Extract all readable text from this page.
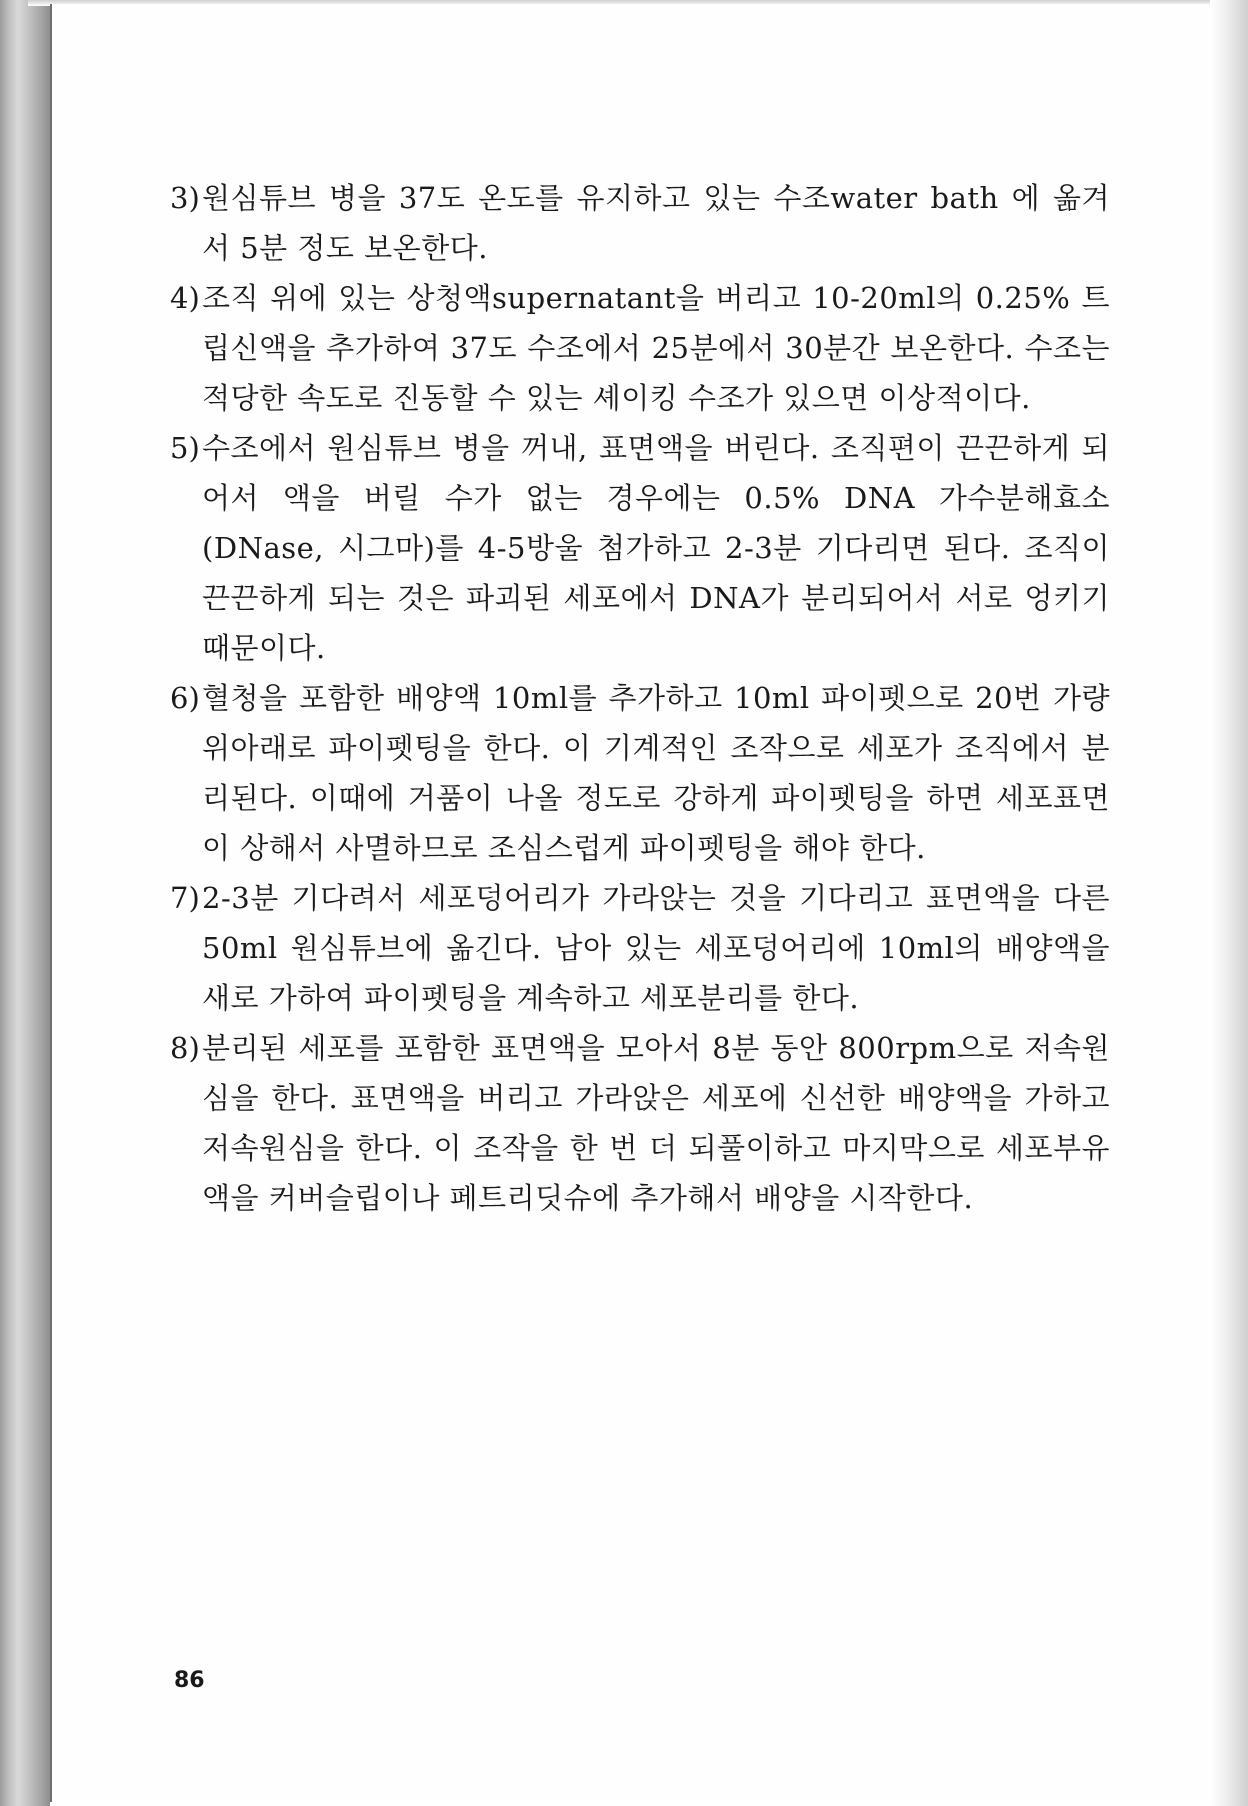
3) 원심튜브 병을 37도 온도를 유지하고 있는 수조water bath 에 옮겨서 5분 정도 보온한다.
4) 조직 위에 있는 상청액supernatant을 버리고 10-20ml의 0.25% 트립신액을 추가하여 37도 수조에서 25분에서 30분간 보온한다. 수조는 적당한 속도로 진동할 수 있는 셰이킹 수조가 있으면 이상적이다.
5) 수조에서 원심튜브 병을 꺼내, 표면액을 버린다. 조직편이 끈끈하게 되어서 액을 버릴 수가 없는 경우에는 0.5% DNA 가수분해효소(DNase, 시그마)를 4-5방울 첨가하고 2-3분 기다리면 된다. 조직이 끈끈하게 되는 것은 파괴된 세포에서 DNA가 분리되어서 서로 엉키기 때문이다.
6) 혈청을 포함한 배양액 10ml를 추가하고 10ml 파이펫으로 20번 가량 위아래로 파이펫팅을 한다. 이 기계적인 조작으로 세포가 조직에서 분리된다. 이때에 거품이 나올 정도로 강하게 파이펫팅을 하면 세포표면이 상해서 사멸하므로 조심스럽게 파이펫팅을 해야 한다.
7) 2-3분 기다려서 세포덩어리가 가라앉는 것을 기다리고 표면액을 다른 50ml 원심튜브에 옮긴다. 남아 있는 세포덩어리에 10ml의 배양액을 새로 가하여 파이펫팅을 계속하고 세포분리를 한다.
8) 분리된 세포를 포함한 표면액을 모아서 8분 동안 800rpm으로 저속원심을 한다. 표면액을 버리고 가라앉은 세포에 신선한 배양액을 가하고 저속원심을 한다. 이 조작을 한 번 더 되풀이하고 마지막으로 세포부유액을 커버슬립이나 페트리딧슈에 추가해서 배양을 시작한다.
86
